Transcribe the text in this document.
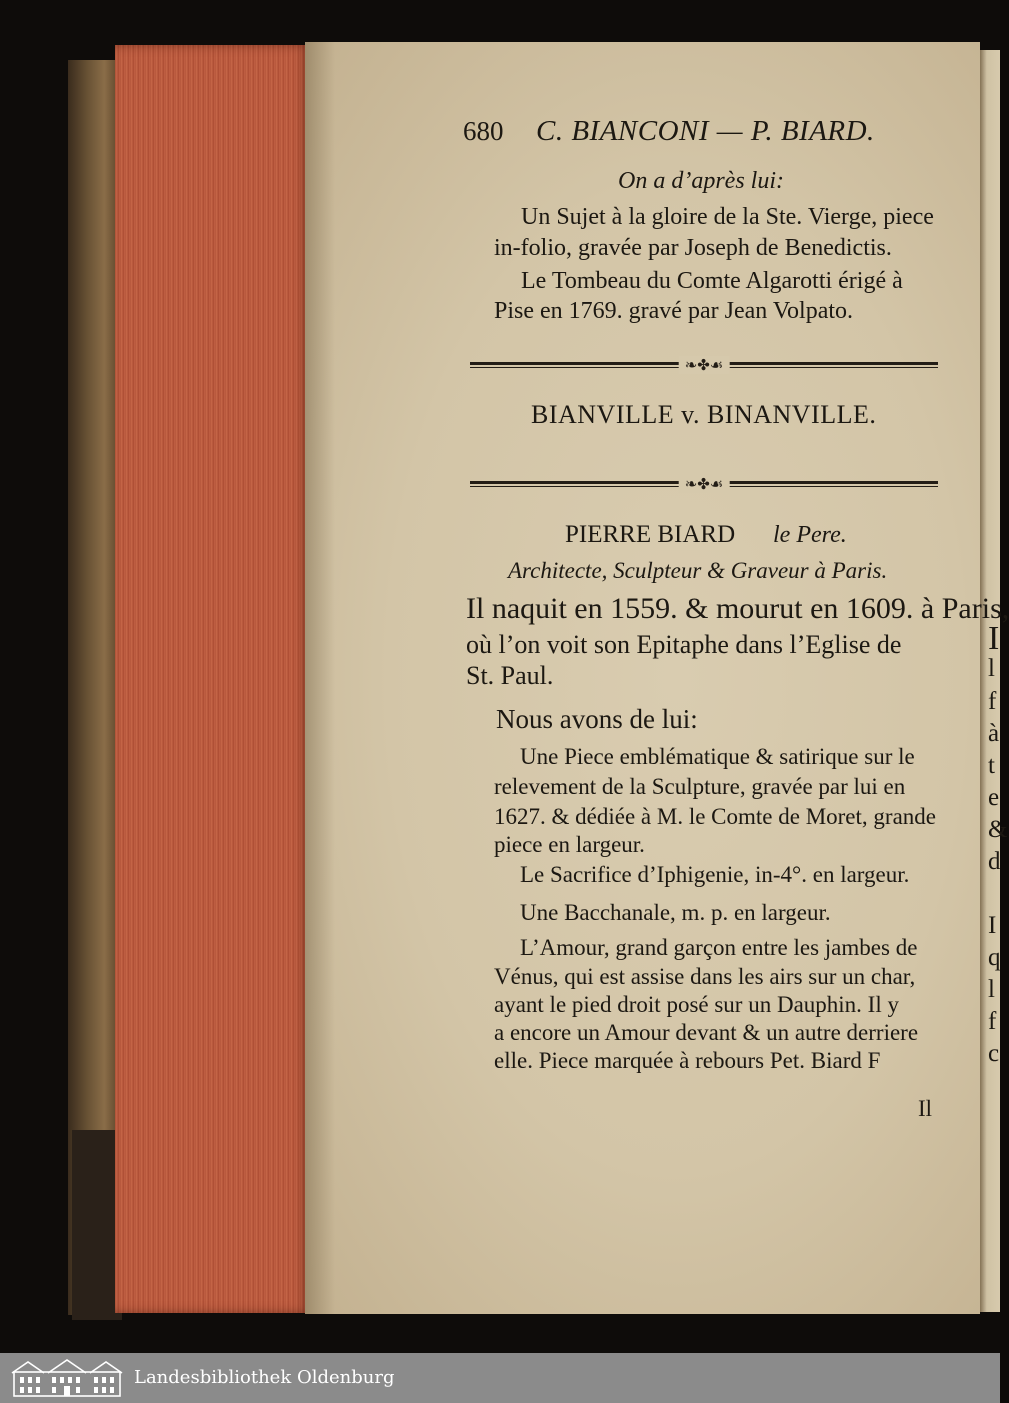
I
l
f
à
t
e
&
d
I
q
l
f
c
680 C. BIANCONI — P. BIARD.
On a d’après lui:
Un Sujet à la gloire de la Ste. Vierge, piece
in-folio, gravée par Joseph de Benedictis.
Le Tombeau du Comte Algarotti érigé à
Pise en 1769. gravé par Jean Volpato.
❧✤☙
BIANVILLE v. BINANVILLE.
❧✤☙
PIERRE BIARD le Pere.
Architecte, Sculpteur & Graveur à Paris.
Il naquit en 1559. & mourut en 1609. à Paris,
où l’on voit son Epitaphe dans l’Eglise de
St. Paul.
Nous avons de lui:
Une Piece emblématique & satirique sur le
relevement de la Sculpture, gravée par lui en
1627. & dédiée à M. le Comte de Moret, grande
piece en largeur.
Le Sacrifice d’Iphigenie, in-4°. en largeur.
Une Bacchanale, m. p. en largeur.
L’Amour, grand garçon entre les jambes de
Vénus, qui est assise dans les airs sur un char,
ayant le pied droit posé sur un Dauphin. Il y
a encore un Amour devant & un autre derriere
elle. Piece marquée à rebours Pet. Biard F
Il
Landesbibliothek Oldenburg
